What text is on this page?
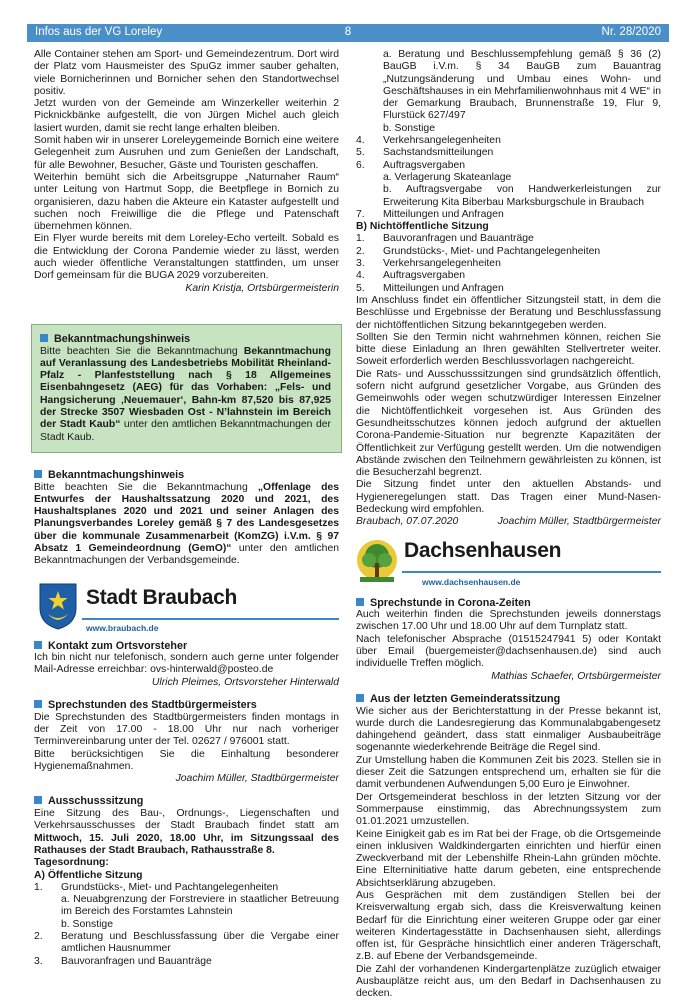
Infos aus der VG Loreley	8	Nr. 28/2020

Alle Container stehen am Sport- und Gemeindezentrum. Dort wird der Platz vom Hausmeister des SpuGz immer sauber gehalten, viele Bornicherinnen und Bornicher sehen den Standortwechsel positiv.

Jetzt wurden von der Gemeinde am Winzerkeller weiterhin 2 Picknickbänke aufgestellt, die von Jürgen Michel auch gleich lasiert wurden, damit sie recht lange erhalten bleiben.

Somit haben wir in unserer Loreleygemeinde Bornich eine weitere Gelegenheit zum Ausruhen und zum Genießen der Landschaft, für alle Bewohner, Besucher, Gäste und Touristen geschaffen.

Weiterhin bemüht sich die Arbeitsgruppe „Naturnaher Raum“ unter Leitung von Hartmut Sopp, die Beetpflege in Bornich zu organisieren, dazu haben die Akteure ein Kataster aufgestellt und suchen noch Freiwillige die die Pflege und Patenschaft übernehmen können.

Ein Flyer wurde bereits mit dem Loreley-Echo verteilt. Sobald es die Entwicklung der Corona Pandemie wieder zu lässt, werden auch wieder öffentliche Veranstaltungen stattfinden, um unser Dorf gemeinsam für die BUGA 2029 vorzubereiten.

Karin Kristja, Ortsbürgermeisterin

Bekanntmachungshinweis

Bitte beachten Sie die Bekanntmachung Bekanntmachung auf Veranlassung des Landesbetriebs Mobilität Rheinland-Pfalz - Planfeststellung nach § 18 Allgemeines Eisenbahngesetz (AEG) für das Vorhaben: „Fels- und Hangsicherung ‚Neuemauer‘, Bahn-km 87,520 bis 87,925 der Strecke 3507 Wiesbaden Ost - N’lahnstein im Bereich der Stadt Kaub“ unter den amtlichen Bekanntmachungen der Stadt Kaub.

Bekanntmachungshinweis

Bitte beachten Sie die Bekanntmachung „Offenlage des Entwurfes der Haushaltssatzung 2020 und 2021, des Haushaltsplanes 2020 und 2021 und seiner Anlagen des Planungsverbandes Loreley gemäß § 7 des Landesgesetzes über die kommunale Zusammenarbeit (KomZG) i.V.m. § 97 Absatz 1 Gemeindeordnung (GemO)“ unter den amtlichen Bekanntmachungen der Verbandsgemeinde.

Stadt Braubach
www.braubach.de
Kontakt zum Ortsvorsteher

Ich bin nicht nur telefonisch, sondern auch gerne unter folgender Mail-Adresse erreichbar: ovs-hinterwald@posteo.de

Ulrich Pleimes, Ortsvorsteher Hinterwald

Sprechstunden des Stadtbürgermeisters

Die Sprechstunden des Stadtbürgermeisters finden montags in der Zeit von 17.00 - 18.00 Uhr nur nach vorheriger Terminvereinbarung unter der Tel. 02627 / 976001 statt.

Bitte berücksichtigen Sie die Einhaltung besonderer Hygienemaßnahmen.

Joachim Müller, Stadtbürgermeister

Ausschusssitzung

Eine Sitzung des Bau-, Ordnungs-, Liegenschaften und Verkehrsausschusses der Stadt Braubach findet statt am Mittwoch, 15. Juli 2020, 18.00 Uhr, im Sitzungssaal des Rathauses der Stadt Braubach, Rathausstraße 8.

Tagesordnung:

A) Öffentliche Sitzung

1.	Grundstücks-, Miet- und Pachtangelegenheiten
a. Neuabgrenzung der Forstreviere in staatlicher Betreuung im Bereich des Forstamtes Lahnstein
b. Sonstige
2.	Beratung und Beschlussfassung über die Vergabe einer amtlichen Hausnummer
3.	Bauvoranfragen und Bauanträge
a. Beratung und Beschlussempfehlung gemäß § 36 (2) BauGB i.V.m. § 34 BauGB zum Bauantrag „Nutzungsänderung und Umbau eines Wohn- und Geschäftshauses in ein Mehrfamilienwohnhaus mit 4 WE“ in der Gemarkung Braubach, Brunnenstraße 19, Flur 9, Flurstück 627/497
b. Sonstige
4.	Verkehrsangelegenheiten
5.	Sachstandsmitteilungen
6.	Auftragsvergaben
a. Verlagerung Skateanlage
b. Auftragsvergabe von Handwerkerleistungen zur Erweiterung Kita Biberbau Marksburgschule in Braubach
7.	Mitteilungen und Anfragen

B) Nichtöffentliche Sitzung

1.	Bauvoranfragen und Bauanträge
2.	Grundstücks-, Miet- und Pachtangelegenheiten
3.	Verkehrsangelegenheiten
4.	Auftragsvergaben
5.	Mitteilungen und Anfragen

Im Anschluss findet ein öffentlicher Sitzungsteil statt, in dem die Beschlüsse und Ergebnisse der Beratung und Beschlussfassung der nichtöffentlichen Sitzung bekanntgegeben werden.

Sollten Sie den Termin nicht wahrnehmen können, reichen Sie bitte diese Einladung an Ihren gewählten Stellvertreter weiter. Soweit erforderlich werden Beschlussvorlagen nachgereicht.

Die Rats- und Ausschusssitzungen sind grundsätzlich öffentlich, sofern nicht aufgrund gesetzlicher Vorgabe, aus Gründen des Gemeinwohls oder wegen schutzwürdiger Interessen Einzelner die Nichtöffentlichkeit vorgesehen ist. Aus Gründen des Gesundheitsschutzes können jedoch aufgrund der aktuellen Corona-Pandemie-Situation nur begrenzte Kapazitäten der Öffentlichkeit zur Verfügung gestellt werden. Um die notwendigen Abstände zwischen den Teilnehmern gewährleisten zu können, ist die Besucherzahl begrenzt.

Die Sitzung findet unter den aktuellen Abstands- und Hygieneregelungen statt. Das Tragen einer Mund-Nasen-Bedeckung wird empfohlen.

Braubach, 07.07.2020	Joachim Müller, Stadtbürgermeister
Dachsenhausen
www.dachsenhausen.de
Sprechstunde in Corona-Zeiten

Auch weiterhin finden die Sprechstunden jeweils donnerstags zwischen 17.00 Uhr und 18.00 Uhr auf dem Turnplatz statt.

Nach telefonischer Absprache (01515247941 5) oder Kontakt über Email (buergemeister@dachsenhausen.de) sind auch individuelle Treffen möglich.

Mathias Schaefer, Ortsbürgermeister

Aus der letzten Gemeinderatssitzung

Wie sicher aus der Berichterstattung in der Presse bekannt ist, wurde durch die Landesregierung das Kommunalabgabengesetz dahingehend geändert, dass statt einmaliger Ausbaubeiträge sogenannte wiederkehrende Beiträge die Regel sind.

Zur Umstellung haben die Kommunen Zeit bis 2023. Stellen sie in dieser Zeit die Satzungen entsprechend um, erhalten sie für die damit verbundenen Aufwendungen 5,00 Euro je Einwohner.

Der Ortsgemeinderat beschloss in der letzten Sitzung vor der Sommerpause einstimmig, das Abrechnungssystem zum 01.01.2021 umzustellen.

Keine Einigkeit gab es im Rat bei der Frage, ob die Ortsgemeinde einen inklusiven Waldkindergarten einrichten und hierfür einen Zweckverband mit der Lebenshilfe Rhein-Lahn gründen möchte. Eine Elterninitiative hatte darum gebeten, eine entsprechende Absichtserklärung abzugeben.

Aus Gesprächen mit dem zuständigen Stellen bei der Kreisverwaltung ergab sich, dass die Kreisverwaltung keinen Bedarf für die Einrichtung einer weiteren Gruppe oder gar einer weiteren Kindertagesstätte in Dachsenhausen sieht, allerdings offen ist, für Gespräche hinsichtlich einer anderen Trägerschaft, z.B. auf Ebene der Verbandsgemeinde.

Die Zahl der vorhandenen Kindergartenplätze zuzüglich etwaiger Ausbauplätze reicht aus, um den Bedarf in Dachsenhausen zu decken.
